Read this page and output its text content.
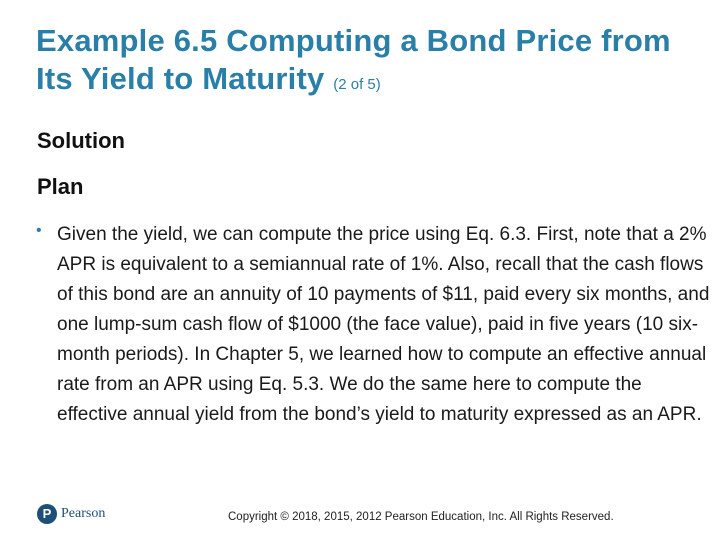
Example 6.5 Computing a Bond Price from Its Yield to Maturity (2 of 5)
Solution
Plan
• Given the yield, we can compute the price using Eq. 6.3. First, note that a 2% APR is equivalent to a semiannual rate of 1%. Also, recall that the cash flows of this bond are an annuity of 10 payments of $11, paid every six months, and one lump-sum cash flow of $1000 (the face value), paid in five years (10 six-month periods). In Chapter 5, we learned how to compute an effective annual rate from an APR using Eq. 5.3. We do the same here to compute the effective annual yield from the bond’s yield to maturity expressed as an APR.
P Pearson	Copyright © 2018, 2015, 2012 Pearson Education, Inc. All Rights Reserved.
